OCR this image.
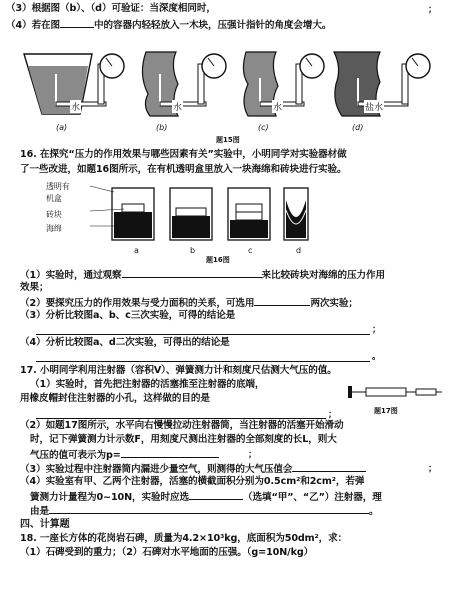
（3）根据图（b）、（d）可验证：当深度相同时，	；
（4）若在图	中的容器内轻轻放入一木块，压强计指针的角度会增大。
水	水	水	盐水
(a)	(b)	(c)	(d)
题15图
16. 在探究“压力的作用效果与哪些因素有关”实验中，小明同学对实验器材做
了一些改进，如题16图所示，在有机透明盒里放入一块海绵和砖块进行实验。
透明有
机盒
砖块
海绵
a	b	c	d
题16图
（1）实验时，通过观察	来比较砖块对海绵的压力作用
效果；
（2）要探究压力的作用效果与受力面积的关系，可选用	两次实验；
（3）分析比较图a、b、c三次实验，可得的结论是
；
（4）分析比较图a、d二次实验，可得出的结论是
。
17. 小明同学利用注射器（容积V）、弹簧测力计和刻度尺估测大气压的值。
（1）实验时，首先把注射器的活塞推至注射器的底端，
用橡皮帽封住注射器的小孔，这样做的目的是
；	题17图
（2）如题17图所示，水平向右慢慢拉动注射器筒，当注射器的活塞开始滑动
时，记下弹簧测力计示数F，用刻度尺测出注射器的全部刻度的长L，则大
气压的值可表示为p=	；
（3）实验过程中注射器筒内漏进少量空气，则测得的大气压值会	；
（4）实验室有甲、乙两个注射器，活塞的横截面积分别为0.5cm²和2cm²，若弹
簧测力计量程为0~10N，实验时应选	（选填“甲”、“乙”）注射器，理
由是	。
四、计算题
18. 一座长方体的花岗岩石碑，质量为4.2×10³kg，底面积为50dm²，求：
（1）石碑受到的重力；（2）石碑对水平地面的压强。（g=10N/kg）
